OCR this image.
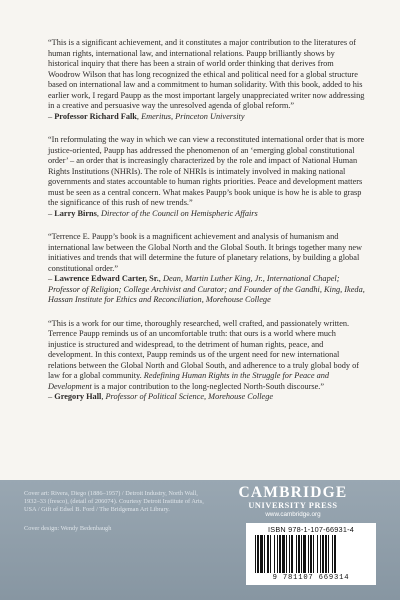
“This is a significant achievement, and it constitutes a major contribution to the literatures of human rights, international law, and international relations. Paupp brilliantly shows by historical inquiry that there has been a strain of world order thinking that derives from Woodrow Wilson that has long recognized the ethical and political need for a global structure based on international law and a commitment to human solidarity. With this book, added to his earlier work, I regard Paupp as the most important largely unappreciated writer now addressing in a creative and persuasive way the unresolved agenda of global reform.”
– Professor Richard Falk, Emeritus, Princeton University
“In reformulating the way in which we can view a reconstituted international order that is more justice-oriented, Paupp has addressed the phenomenon of an ‘emerging global constitutional order’ – an order that is increasingly characterized by the role and impact of National Human Rights Institutions (NHRIs). The role of NHRIs is intimately involved in making national governments and states accountable to human rights priorities. Peace and development matters must be seen as a central concern. What makes Paupp’s book unique is how he is able to grasp the significance of this rush of new trends.”
– Larry Birns, Director of the Council on Hemispheric Affairs
“Terrence E. Paupp’s book is a magnificent achievement and analysis of humanism and international law between the Global North and the Global South. It brings together many new initiatives and trends that will determine the future of planetary relations, by building a global constitutional order.”
– Lawrence Edward Carter, Sr., Dean, Martin Luther King, Jr., International Chapel; Professor of Religion; College Archivist and Curator; and Founder of the Gandhi, King, Ikeda, Hassan Institute for Ethics and Reconciliation, Morehouse College
“This is a work for our time, thoroughly researched, well crafted, and passionately written. Terrence Paupp reminds us of an uncomfortable truth: that ours is a world where much injustice is structured and widespread, to the detriment of human rights, peace, and development. In this context, Paupp reminds us of the urgent need for new international relations between the Global North and Global South, and adherence to a truly global body of law for a global community. Redefining Human Rights in the Struggle for Peace and Development is a major contribution to the long-neglected North-South discourse.”
– Gregory Hall, Professor of Political Science, Morehouse College

Cover art: Rivera, Diego (1886–1957) / Detroit Industry, North Wall, 1932–33 (fresco), (detail of 206074). Courtesy Detroit Institute of Arts, USA / Gift of Edsel B. Ford / The Bridgeman Art Library.

Cover design: Wendy Bedenbaugh

CAMBRIDGE
UNIVERSITY PRESS
www.cambridge.org
ISBN 978-1-107-66931-4
9 781107 669314
